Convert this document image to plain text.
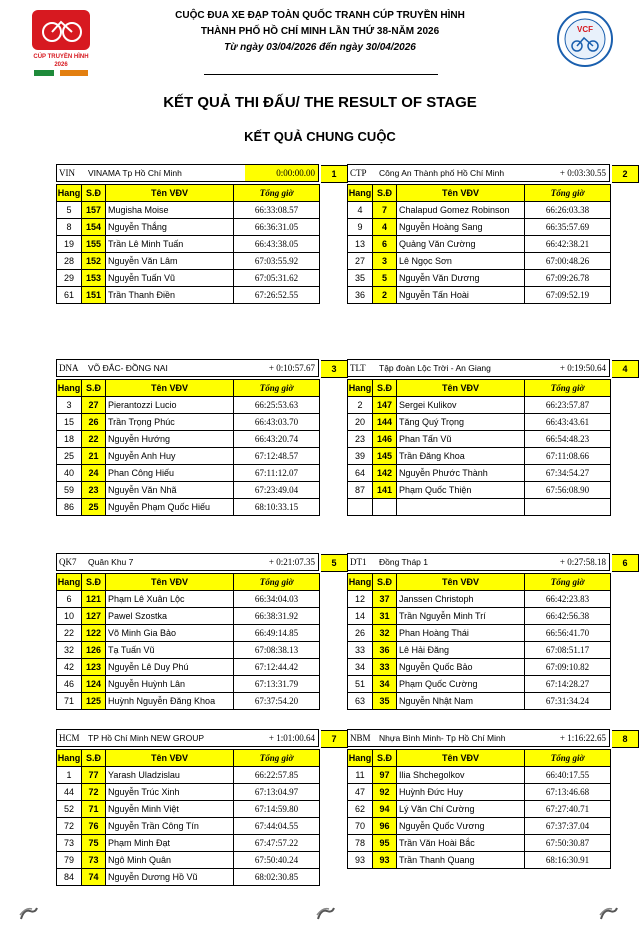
CÚP TRUYỀN HÌNH
2026
CUỘC ĐUA XE ĐẠP TOÀN QUỐC TRANH CÚP TRUYỀN HÌNH
THÀNH PHỐ HỒ CHÍ MINH LẦN THỨ 38-NĂM 2026
Từ ngày 03/04/2026 đến ngày 30/04/2026
VCF
KẾT QUẢ THI ĐẤU/ THE RESULT OF STAGE
KẾT QUẢ CHUNG CUỘC
VIN	VINAMA Tp Hồ Chí Minh	0:00:00.00	1
Hang	S.Đ	Tên VĐV	Tổng giờ
5	157	Mugisha Moise	66:33:08.57
8	154	Nguyễn Thắng	66:36:31.05
19	155	Trần Lê Minh Tuấn	66:43:38.05
28	152	Nguyễn Văn Lâm	67:03:55.92
29	153	Nguyễn Tuấn Vũ	67:05:31.62
61	151	Trần Thanh Điền	67:26:52.55
CTP	Công An Thành phố Hồ Chí Minh	+ 0:03:30.55	2
Hang	S.Đ	Tên VĐV	Tổng giờ
4	7	Chalapud Gomez Robinson	66:26:03.38
9	4	Nguyễn Hoàng Sang	66:35:57.69
13	6	Quảng Văn Cường	66:42:38.21
27	3	Lê Ngọc Sơn	67:00:48.26
35	5	Nguyễn Văn Dương	67:09:26.78
36	2	Nguyễn Tấn Hoài	67:09:52.19
DNA	VÕ ĐẮC- ĐỒNG NAI	+ 0:10:57.67	3
Hang	S.Đ	Tên VĐV	Tổng giờ
3	27	Pierantozzi Lucio	66:25:53.63
15	26	Trần Trọng Phúc	66:43:03.70
18	22	Nguyễn Hướng	66:43:20.74
25	21	Nguyễn Anh Huy	67:12:48.57
40	24	Phan Công Hiếu	67:11:12.07
59	23	Nguyễn Văn Nhã	67:23:49.04
86	25	Nguyễn Phạm Quốc Hiếu	68:10:33.15
TLT	Tập đoàn Lộc Trời - An Giang	+ 0:19:50.64	4
Hang	S.Đ	Tên VĐV	Tổng giờ
2	147	Sergei Kulikov	66:23:57.87
20	144	Tăng Quý Trọng	66:43:43.61
23	146	Phan Tấn Vũ	66:54:48.23
39	145	Trần Đăng Khoa	67:11:08.66
64	142	Nguyễn Phước Thành	67:34:54.27
87	141	Phạm Quốc Thiện	67:56:08.90

QK7	Quân Khu 7	+ 0:21:07.35	5
Hang	S.Đ	Tên VĐV	Tổng giờ
6	121	Phạm Lê Xuân Lộc	66:34:04.03
10	127	Pawel Szostka	66:38:31.92
22	122	Võ Minh Gia Bảo	66:49:14.85
32	126	Tạ Tuấn Vũ	67:08:38.13
42	123	Nguyễn Lê Duy Phú	67:12:44.42
46	124	Nguyễn Huỳnh Lân	67:13:31.79
71	125	Huỳnh Nguyễn Đăng Khoa	67:37:54.20
DT1	Đồng Tháp 1	+ 0:27:58.18	6
Hang	S.Đ	Tên VĐV	Tổng giờ
12	37	Janssen Christoph	66:42:23.83
14	31	Trần Nguyễn Minh Trí	66:42:56.38
26	32	Phan Hoàng Thái	66:56:41.70
33	36	Lê Hải Đăng	67:08:51.17
34	33	Nguyễn Quốc Bảo	67:09:10.82
51	34	Phạm Quốc Cường	67:14:28.27
63	35	Nguyễn Nhật Nam	67:31:34.24
HCM TP Hồ Chí Minh NEW GROUP	+ 1:01:00.64	7
Hang	S.Đ	Tên VĐV	Tổng giờ
1	77	Yarash Uladzislau	66:22:57.85
44	72	Nguyễn Trúc Xinh	67:13:04.97
52	71	Nguyễn Minh Việt	67:14:59.80
72	76	Nguyễn Trần Công Tín	67:44:04.55
73	75	Phạm Minh Đạt	67:47:57.22
79	73	Ngô Minh Quân	67:50:40.24
84	74	Nguyễn Dương Hồ Vũ	68:02:30.85
NBM Nhựa Bình Minh- Tp Hồ Chí Minh	+ 1:16:22.65	8
Hang	S.Đ	Tên VĐV	Tổng giờ
11	97	Ilia Shchegolkov	66:40:17.55
47	92	Huỳnh Đức Huy	67:13:46.68
62	94	Lý Văn Chí Cường	67:27:40.71
70	96	Nguyễn Quốc Vương	67:37:37.04
78	95	Trần Văn Hoài Bắc	67:50:30.87
93	93	Trần Thanh Quang	68:16:30.91
